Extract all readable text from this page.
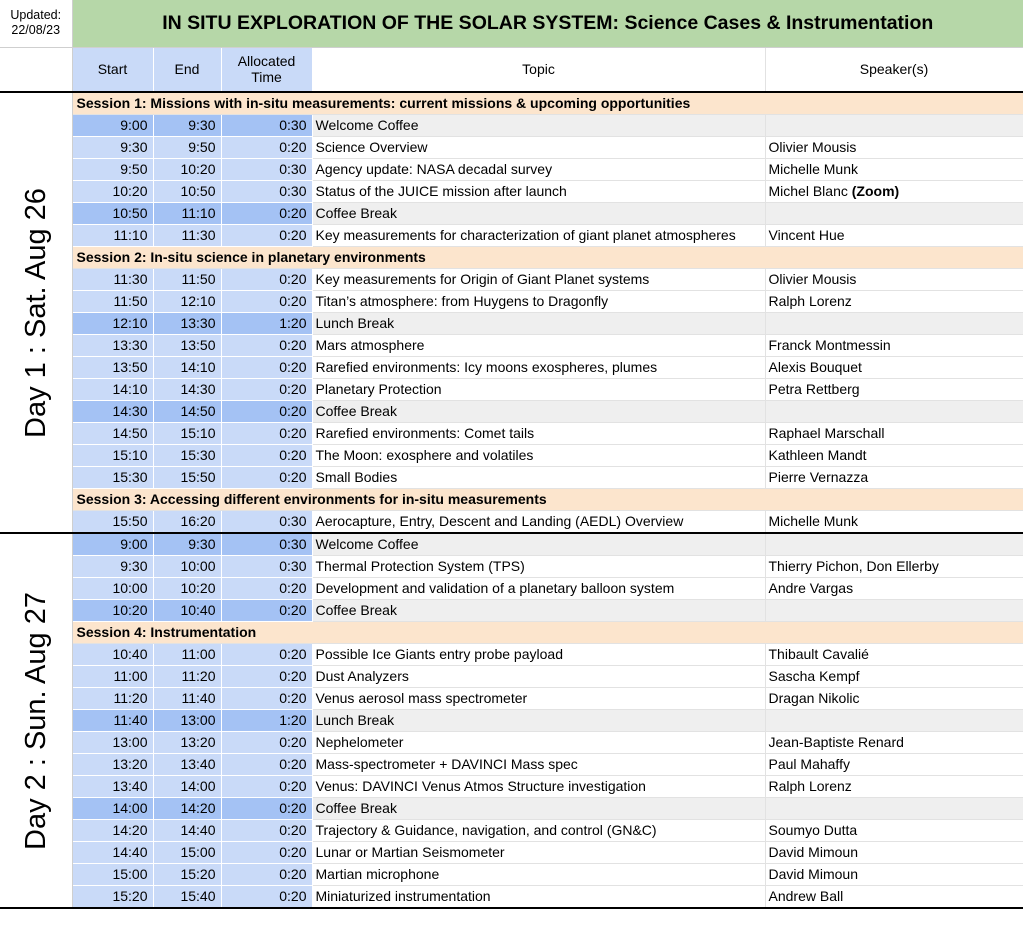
Updated:
22/08/23	IN SITU EXPLORATION OF THE SOLAR SYSTEM: Science Cases & Instrumentation				
	Start	End	Allocated Time	Topic	Speaker(s)

Day 1 : Sat. Aug 26	Session 1: Missions with in-situ measurements: current missions & upcoming opportunities				
	9:00	9:30	0:30	Welcome Coffee	
	9:30	9:50	0:20	Science Overview	Olivier Mousis
	9:50	10:20	0:30	Agency update: NASA decadal survey	Michelle Munk
	10:20	10:50	0:30	Status of the JUICE mission after launch	Michel Blanc (Zoom)
	10:50	11:10	0:20	Coffee Break	
	11:10	11:30	0:20	Key measurements for characterization of giant planet atmospheres	Vincent Hue
	Session 2: In-situ science in planetary environments				
	11:30	11:50	0:20	Key measurements for Origin of Giant Planet systems	Olivier Mousis
	11:50	12:10	0:20	Titan’s atmosphere: from Huygens to Dragonfly	Ralph Lorenz
	12:10	13:30	1:20	Lunch Break	
	13:30	13:50	0:20	Mars atmosphere	Franck Montmessin
	13:50	14:10	0:20	Rarefied environments: Icy moons exospheres, plumes	Alexis Bouquet
	14:10	14:30	0:20	Planetary Protection	Petra Rettberg
	14:30	14:50	0:20	Coffee Break	
	14:50	15:10	0:20	Rarefied environments: Comet tails	Raphael Marschall
	15:10	15:30	0:20	The Moon: exosphere and volatiles	Kathleen Mandt
	15:30	15:50	0:20	Small Bodies	Pierre Vernazza
	Session 3: Accessing different environments for in-situ measurements				
	15:50	16:20	0:30	Aerocapture, Entry, Descent and Landing (AEDL) Overview	Michelle Munk

Day 2 : Sun. Aug 27	9:00	9:30	0:30	Welcome Coffee	
	9:30	10:00	0:30	Thermal Protection System (TPS)	Thierry Pichon, Don Ellerby
	10:00	10:20	0:20	Development and validation of a planetary balloon system	Andre Vargas
	10:20	10:40	0:20	Coffee Break	
	Session 4: Instrumentation				
	10:40	11:00	0:20	Possible Ice Giants entry probe payload	Thibault Cavalié
	11:00	11:20	0:20	Dust Analyzers	Sascha Kempf
	11:20	11:40	0:20	Venus aerosol mass spectrometer	Dragan Nikolic
	11:40	13:00	1:20	Lunch Break	
	13:00	13:20	0:20	Nephelometer	Jean-Baptiste Renard
	13:20	13:40	0:20	Mass-spectrometer + DAVINCI Mass spec	Paul Mahaffy
	13:40	14:00	0:20	Venus: DAVINCI Venus Atmos Structure investigation	Ralph Lorenz
	14:00	14:20	0:20	Coffee Break	
	14:20	14:40	0:20	Trajectory & Guidance, navigation, and control (GN&C)	Soumyo Dutta
	14:40	15:00	0:20	Lunar or Martian Seismometer	David Mimoun
	15:00	15:20	0:20	Martian microphone	David Mimoun
	15:20	15:40	0:20	Miniaturized instrumentation	Andrew Ball
